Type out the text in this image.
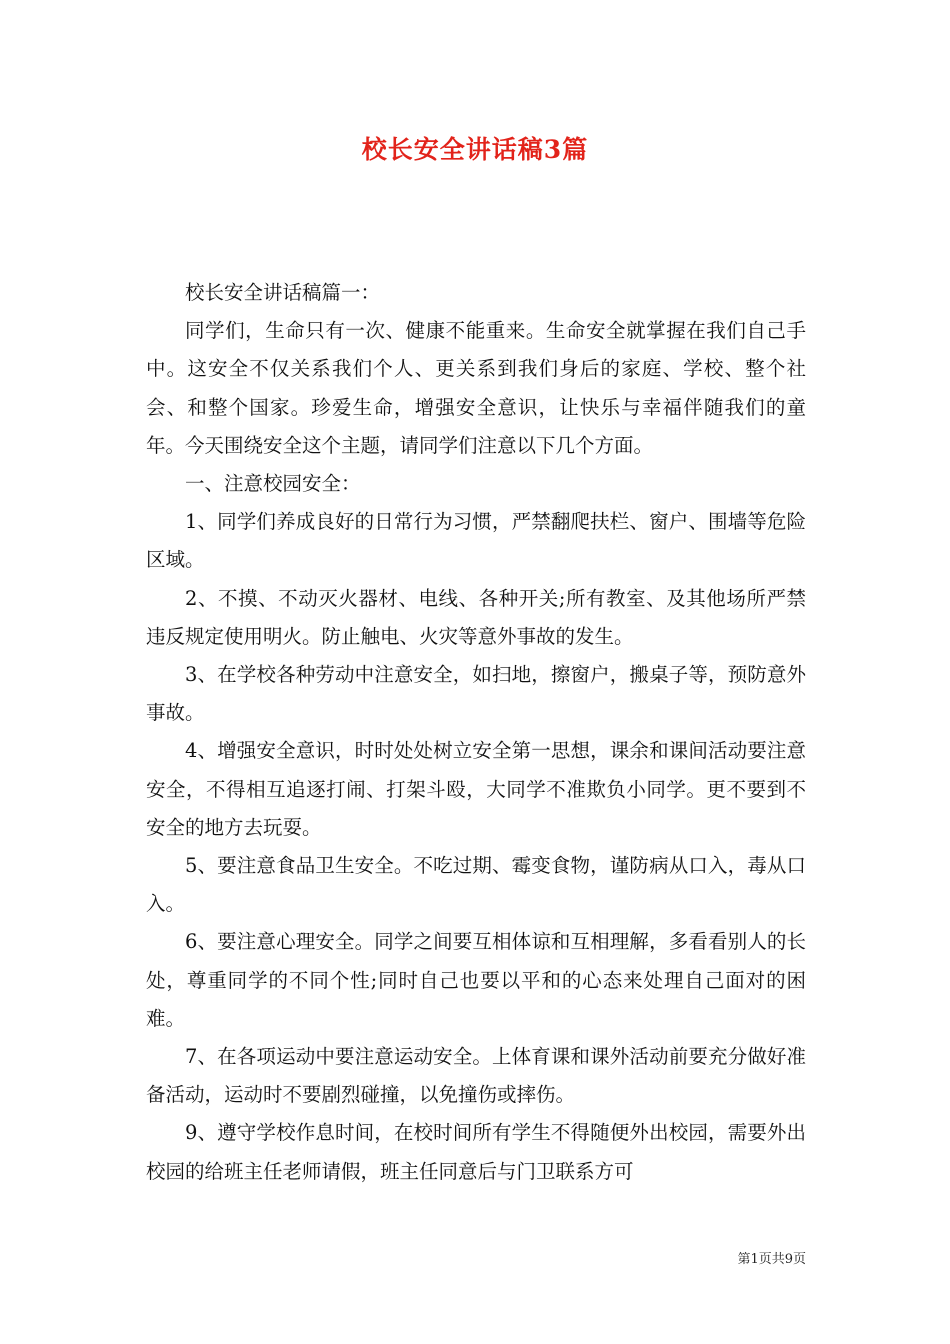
校长安全讲话稿3篇

校长安全讲话稿篇一：

同学们，生命只有一次、健康不能重来。生命安全就掌握在我们自己手中。这安全不仅关系我们个人、更关系到我们身后的家庭、学校、整个社会、和整个国家。珍爱生命，增强安全意识，让快乐与幸福伴随我们的童年。今天围绕安全这个主题，请同学们注意以下几个方面。

一、注意校园安全：

1、同学们养成良好的日常行为习惯，严禁翻爬扶栏、窗户、围墙等危险区域。

2、不摸、不动灭火器材、电线、各种开关;所有教室、及其他场所严禁违反规定使用明火。防止触电、火灾等意外事故的发生。

3、在学校各种劳动中注意安全，如扫地，擦窗户，搬桌子等，预防意外事故。

4、增强安全意识，时时处处树立安全第一思想，课余和课间活动要注意安全，不得相互追逐打闹、打架斗殴，大同学不准欺负小同学。更不要到不安全的地方去玩耍。

5、要注意食品卫生安全。不吃过期、霉变食物，谨防病从口入，毒从口入。

6、要注意心理安全。同学之间要互相体谅和互相理解，多看看别人的长处，尊重同学的不同个性;同时自己也要以平和的心态来处理自己面对的困难。

7、在各项运动中要注意运动安全。上体育课和课外活动前要充分做好准备活动，运动时不要剧烈碰撞，以免撞伤或摔伤。

9、遵守学校作息时间，在校时间所有学生不得随便外出校园，需要外出校园的给班主任老师请假，班主任同意后与门卫联系方可

第1页共9页
